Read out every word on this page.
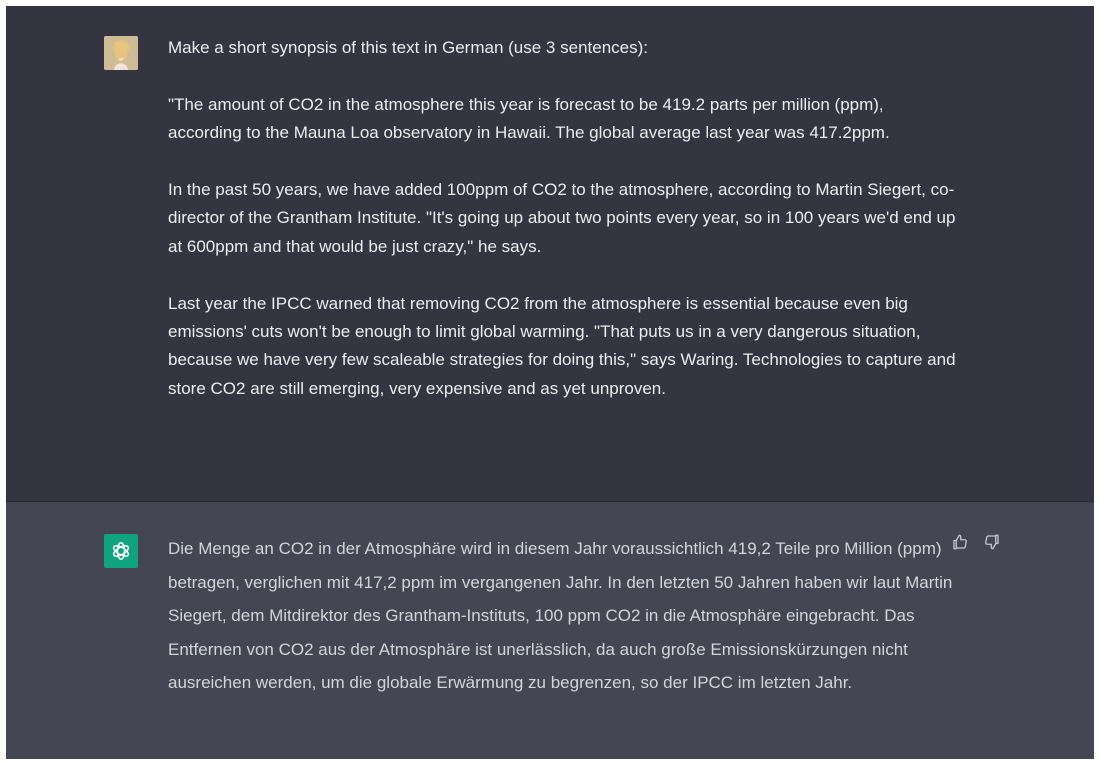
Make a short synopsis of this text in German (use 3 sentences):

"The amount of CO2 in the atmosphere this year is forecast to be 419.2 parts per million (ppm), according to the Mauna Loa observatory in Hawaii. The global average last year was 417.2ppm.

In the past 50 years, we have added 100ppm of CO2 to the atmosphere, according to Martin Siegert, co-director of the Grantham Institute. "It's going up about two points every year, so in 100 years we'd end up at 600ppm and that would be just crazy," he says.

Last year the IPCC warned that removing CO2 from the atmosphere is essential because even big emissions' cuts won't be enough to limit global warming. "That puts us in a very dangerous situation, because we have very few scaleable strategies for doing this," says Waring. Technologies to capture and store CO2 are still emerging, very expensive and as yet unproven.

Die Menge an CO2 in der Atmosphäre wird in diesem Jahr voraussichtlich 419,2 Teile pro Million (ppm) betragen, verglichen mit 417,2 ppm im vergangenen Jahr. In den letzten 50 Jahren haben wir laut Martin Siegert, dem Mitdirektor des Grantham-Instituts, 100 ppm CO2 in die Atmosphäre eingebracht. Das Entfernen von CO2 aus der Atmosphäre ist unerlässlich, da auch große Emissionskürzungen nicht ausreichen werden, um die globale Erwärmung zu begrenzen, so der IPCC im letzten Jahr.
